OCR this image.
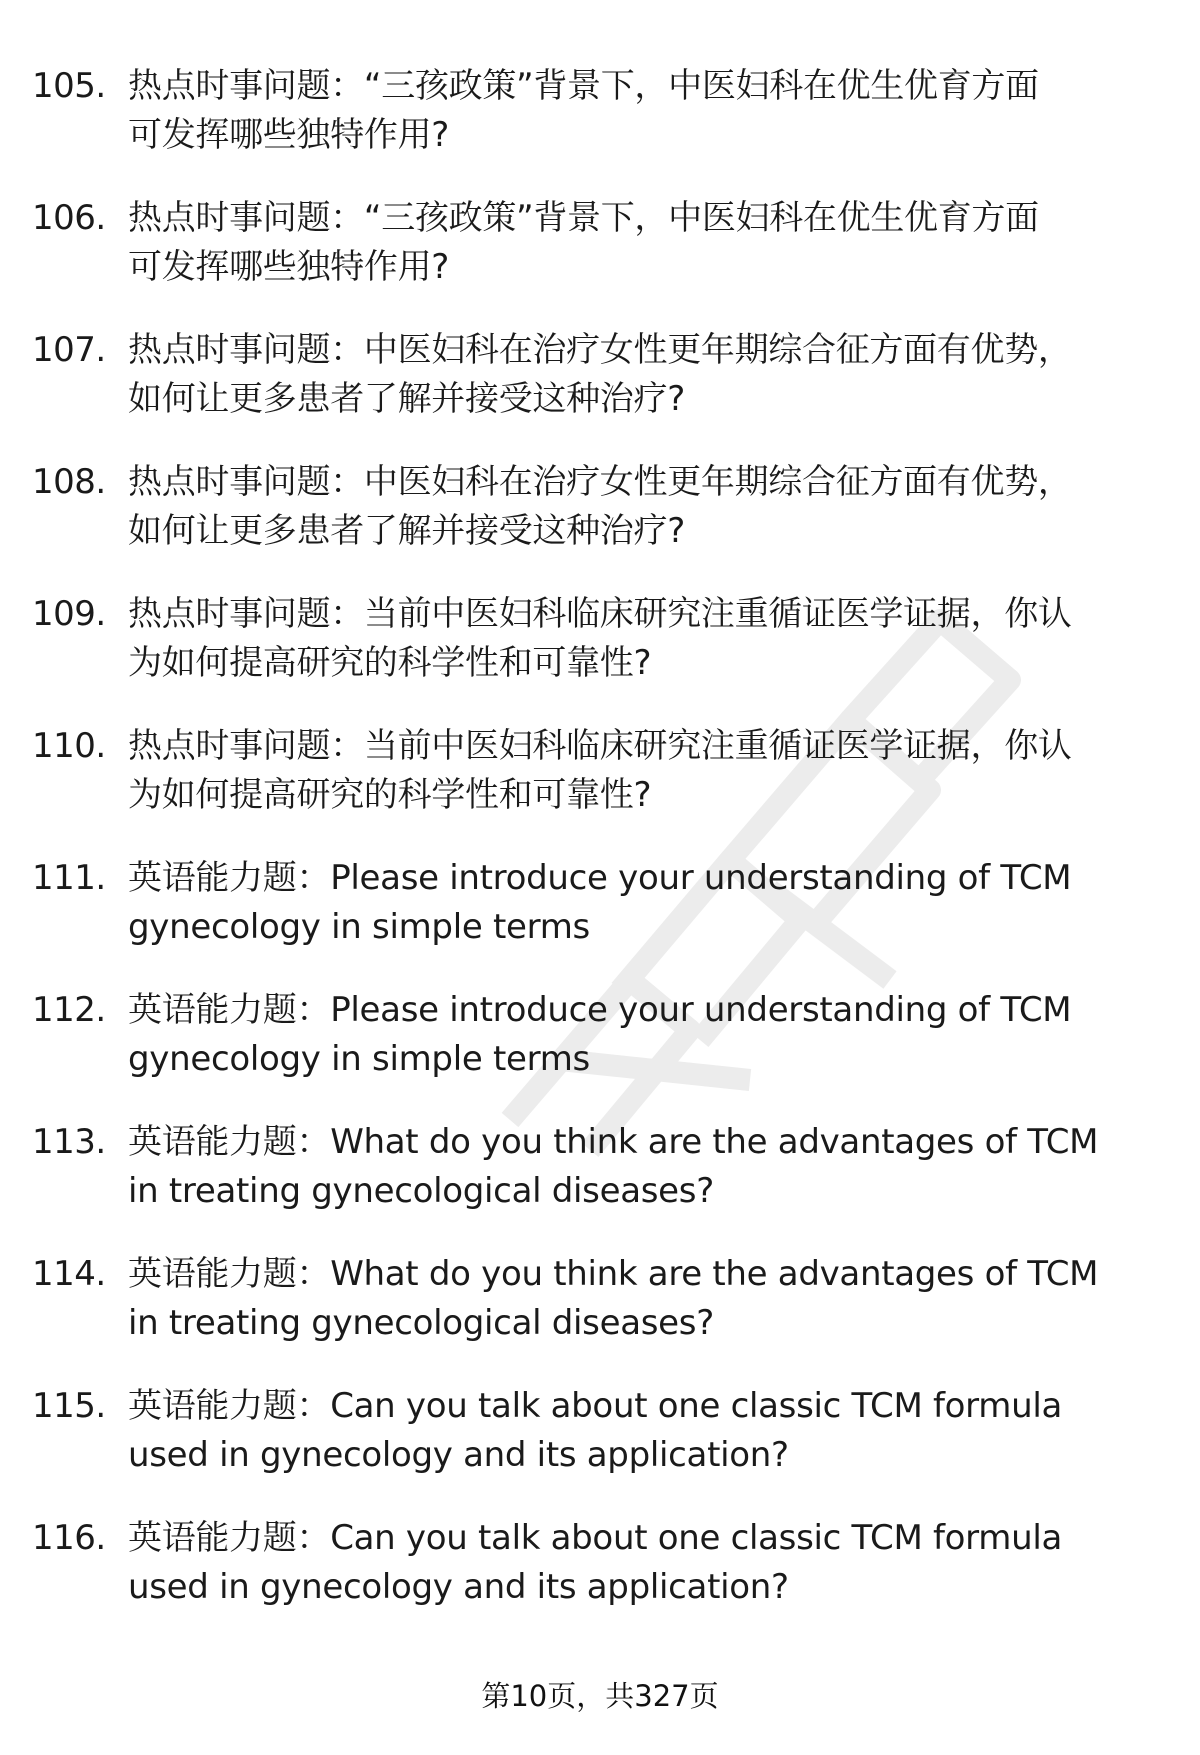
105. 热点时事问题：“三孩政策”背景下，中医妇科在优生优育方面
可发挥哪些独特作用?
106. 热点时事问题：“三孩政策”背景下，中医妇科在优生优育方面
可发挥哪些独特作用?
107. 热点时事问题：中医妇科在治疗女性更年期综合征方面有优势，
如何让更多患者了解并接受这种治疗?
108. 热点时事问题：中医妇科在治疗女性更年期综合征方面有优势，
如何让更多患者了解并接受这种治疗?
109. 热点时事问题：当前中医妇科临床研究注重循证医学证据，你认
为如何提高研究的科学性和可靠性?
110. 热点时事问题：当前中医妇科临床研究注重循证医学证据，你认
为如何提高研究的科学性和可靠性?
111. 英语能力题：Please introduce your understanding of TCM
gynecology in simple terms
112. 英语能力题：Please introduce your understanding of TCM
gynecology in simple terms
113. 英语能力题：What do you think are the advantages of TCM
in treating gynecological diseases?
114. 英语能力题：What do you think are the advantages of TCM
in treating gynecological diseases?
115. 英语能力题：Can you talk about one classic TCM formula
used in gynecology and its application?
116. 英语能力题：Can you talk about one classic TCM formula
used in gynecology and its application?
第10页，共327页
